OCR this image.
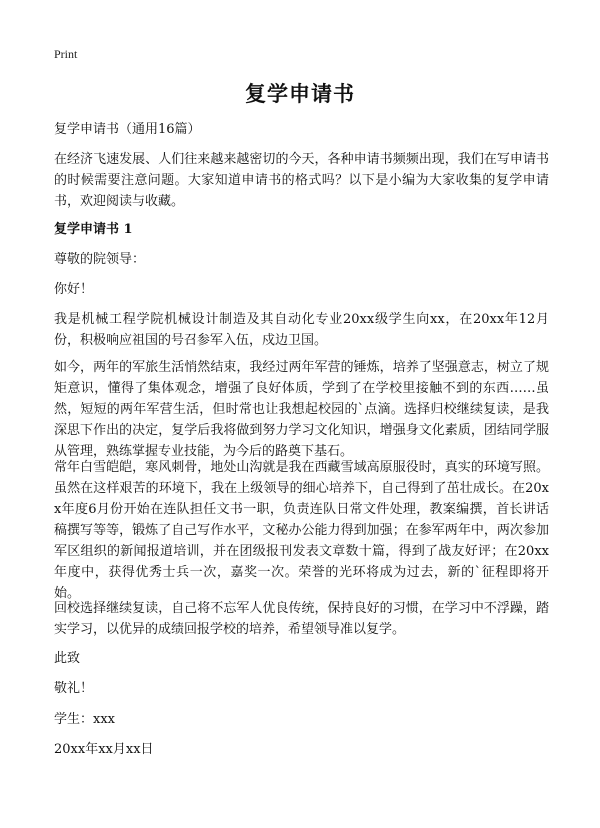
Print
复学申请书

复学申请书（通用16篇）

在经济飞速发展、人们往来越来越密切的今天，各种申请书频频出现，我们在写申请书的时候需要注意问题。大家知道申请书的格式吗？以下是小编为大家收集的复学申请书，欢迎阅读与收藏。

复学申请书 1

尊敬的院领导：

你好！

我是机械工程学院机械设计制造及其自动化专业20xx级学生向xx，在20xx年12月份，积极响应祖国的号召参军入伍，戍边卫国。

如今，两年的军旅生活悄然结束，我经过两年军营的锤炼，培养了坚强意志，树立了规矩意识，懂得了集体观念，增强了良好体质，学到了在学校里接触不到的东西……虽然，短短的两年军营生活，但时常也让我想起校园的`点滴。选择归校继续复读，是我深思下作出的决定，复学后我将做到努力学习文化知识，增强身文化素质，团结同学服从管理，熟练掌握专业技能，为今后的路奠下基石。

常年白雪皑皑，寒风刺骨，地处山沟就是我在西藏雪域高原服役时，真实的环境写照。虽然在这样艰苦的环境下，我在上级领导的细心培养下，自己得到了茁壮成长。在20xx年度6月份开始在连队担任文书一职，负责连队日常文件处理，教案编撰，首长讲话稿撰写等等，锻炼了自己写作水平，文秘办公能力得到加强；在参军两年中，两次参加军区组织的新闻报道培训，并在团级报刊发表文章数十篇，得到了战友好评；在20xx年度中，获得优秀士兵一次，嘉奖一次。荣誉的光环将成为过去，新的`征程即将开始。

回校选择继续复读，自己将不忘军人优良传统，保持良好的习惯，在学习中不浮躁，踏实学习，以优异的成绩回报学校的培养，希望领导准以复学。

此致

敬礼！

学生：xxx

20xx年xx月xx日
